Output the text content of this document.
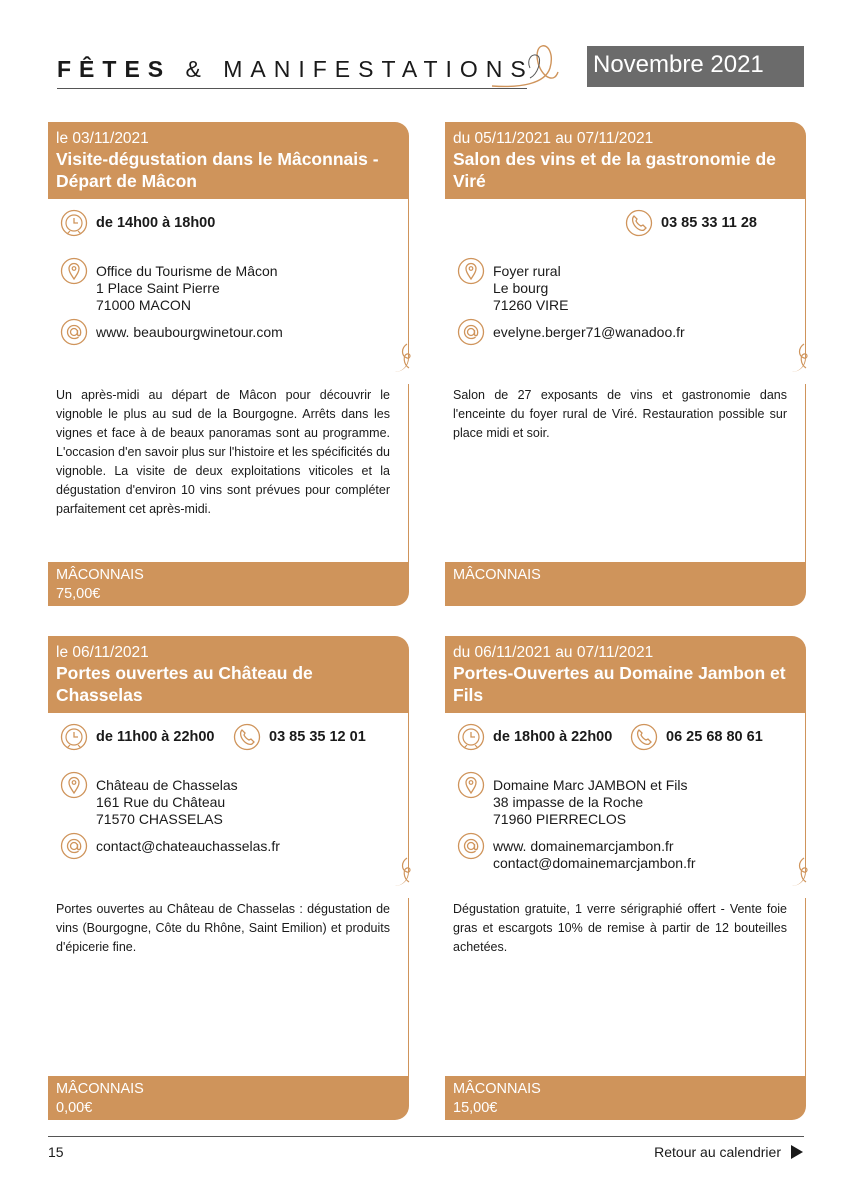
FÊTES & MANIFESTATIONS Novembre 2021
le 03/11/2021
Visite-dégustation dans le Mâconnais - Départ de Mâcon
de 14h00 à 18h00
Office du Tourisme de Mâcon
1 Place Saint Pierre
71000 MACON
www. beaubourgwinetour.com
Un après-midi au départ de Mâcon pour découvrir le vignoble le plus au sud de la Bourgogne. Arrêts dans les vignes et face à de beaux panoramas sont au programme. L'occasion d'en savoir plus sur l'histoire et les spécificités du vignoble. La visite de deux exploitations viticoles et la dégustation d'environ 10 vins sont prévues pour compléter parfaitement cet après-midi.
MÂCONNAIS
75,00€
du 05/11/2021 au 07/11/2021
Salon des vins et de la gastronomie de Viré
03 85 33 11 28
Foyer rural
Le bourg
71260 VIRE
evelyne.berger71@wanadoo.fr
Salon de 27 exposants de vins et gastronomie dans l'enceinte du foyer rural de Viré. Restauration possible sur place midi et soir.
MÂCONNAIS
le 06/11/2021
Portes ouvertes au Château de Chasselas
de 11h00 à 22h00	03 85 35 12 01
Château de Chasselas
161 Rue du Château
71570 CHASSELAS
contact@chateauchasselas.fr
Portes ouvertes au Château de Chasselas : dégustation de vins (Bourgogne, Côte du Rhône, Saint Emilion) et produits d'épicerie fine.
MÂCONNAIS
0,00€
du 06/11/2021 au 07/11/2021
Portes-Ouvertes au Domaine Jambon et Fils
de 18h00 à 22h00	06 25 68 80 61
Domaine Marc JAMBON et Fils
38 impasse de la Roche
71960 PIERRECLOS
www. domainemarcjambon.fr
contact@domainemarcjambon.fr
Dégustation gratuite, 1 verre sérigraphié offert - Vente foie gras et escargots 10% de remise à partir de 12 bouteilles achetées.
MÂCONNAIS
15,00€
15	Retour au calendrier
